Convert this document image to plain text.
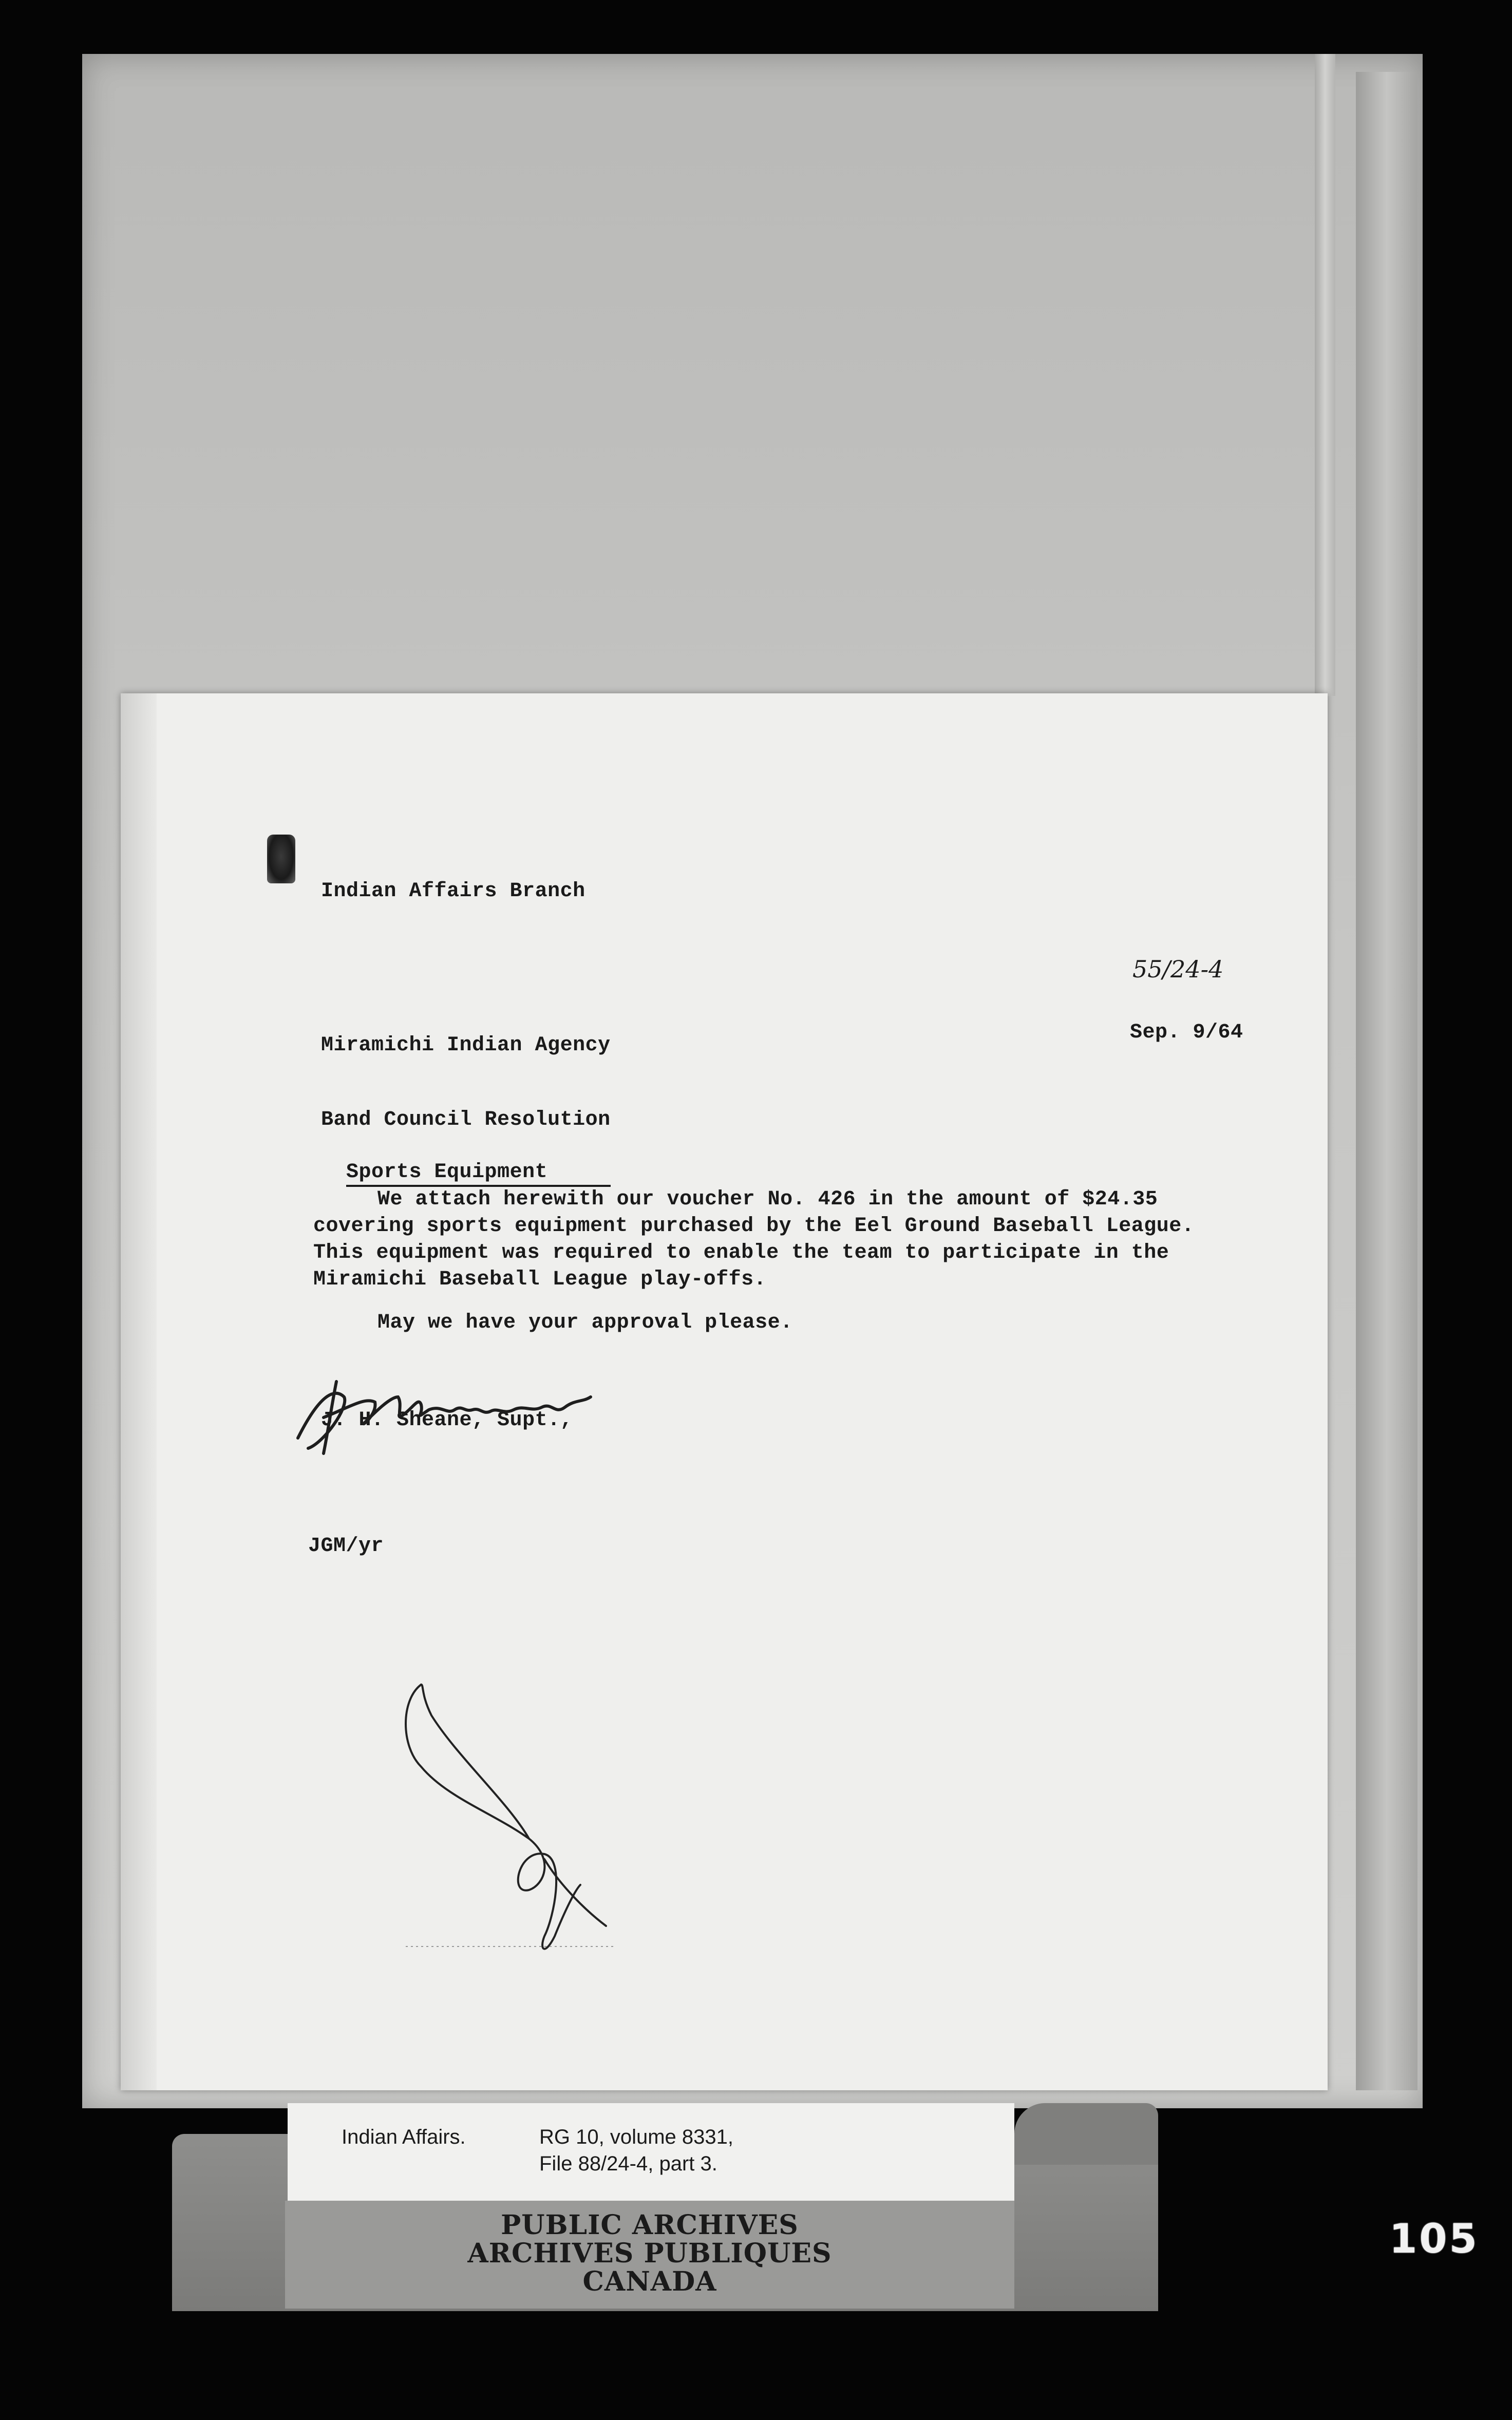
Indian Affairs Branch
55/24-4
Miramichi Indian Agency
Sep. 9/64
Band Council Resolution

Sports Equipment

We attach herewith our voucher No. 426 in the amount of $24.35
covering sports equipment purchased by the Eel Ground Baseball League.
This equipment was required to enable the team to participate in the
Miramichi Baseball League play-offs.
May we have your approval please.
J. H. Sheane, Supt.,
JGM/yr
Indian Affairs.	RG 10, volume 8331,
File 88/24-4, part 3.
PUBLIC ARCHIVES
ARCHIVES PUBLIQUES
CANADA
105
